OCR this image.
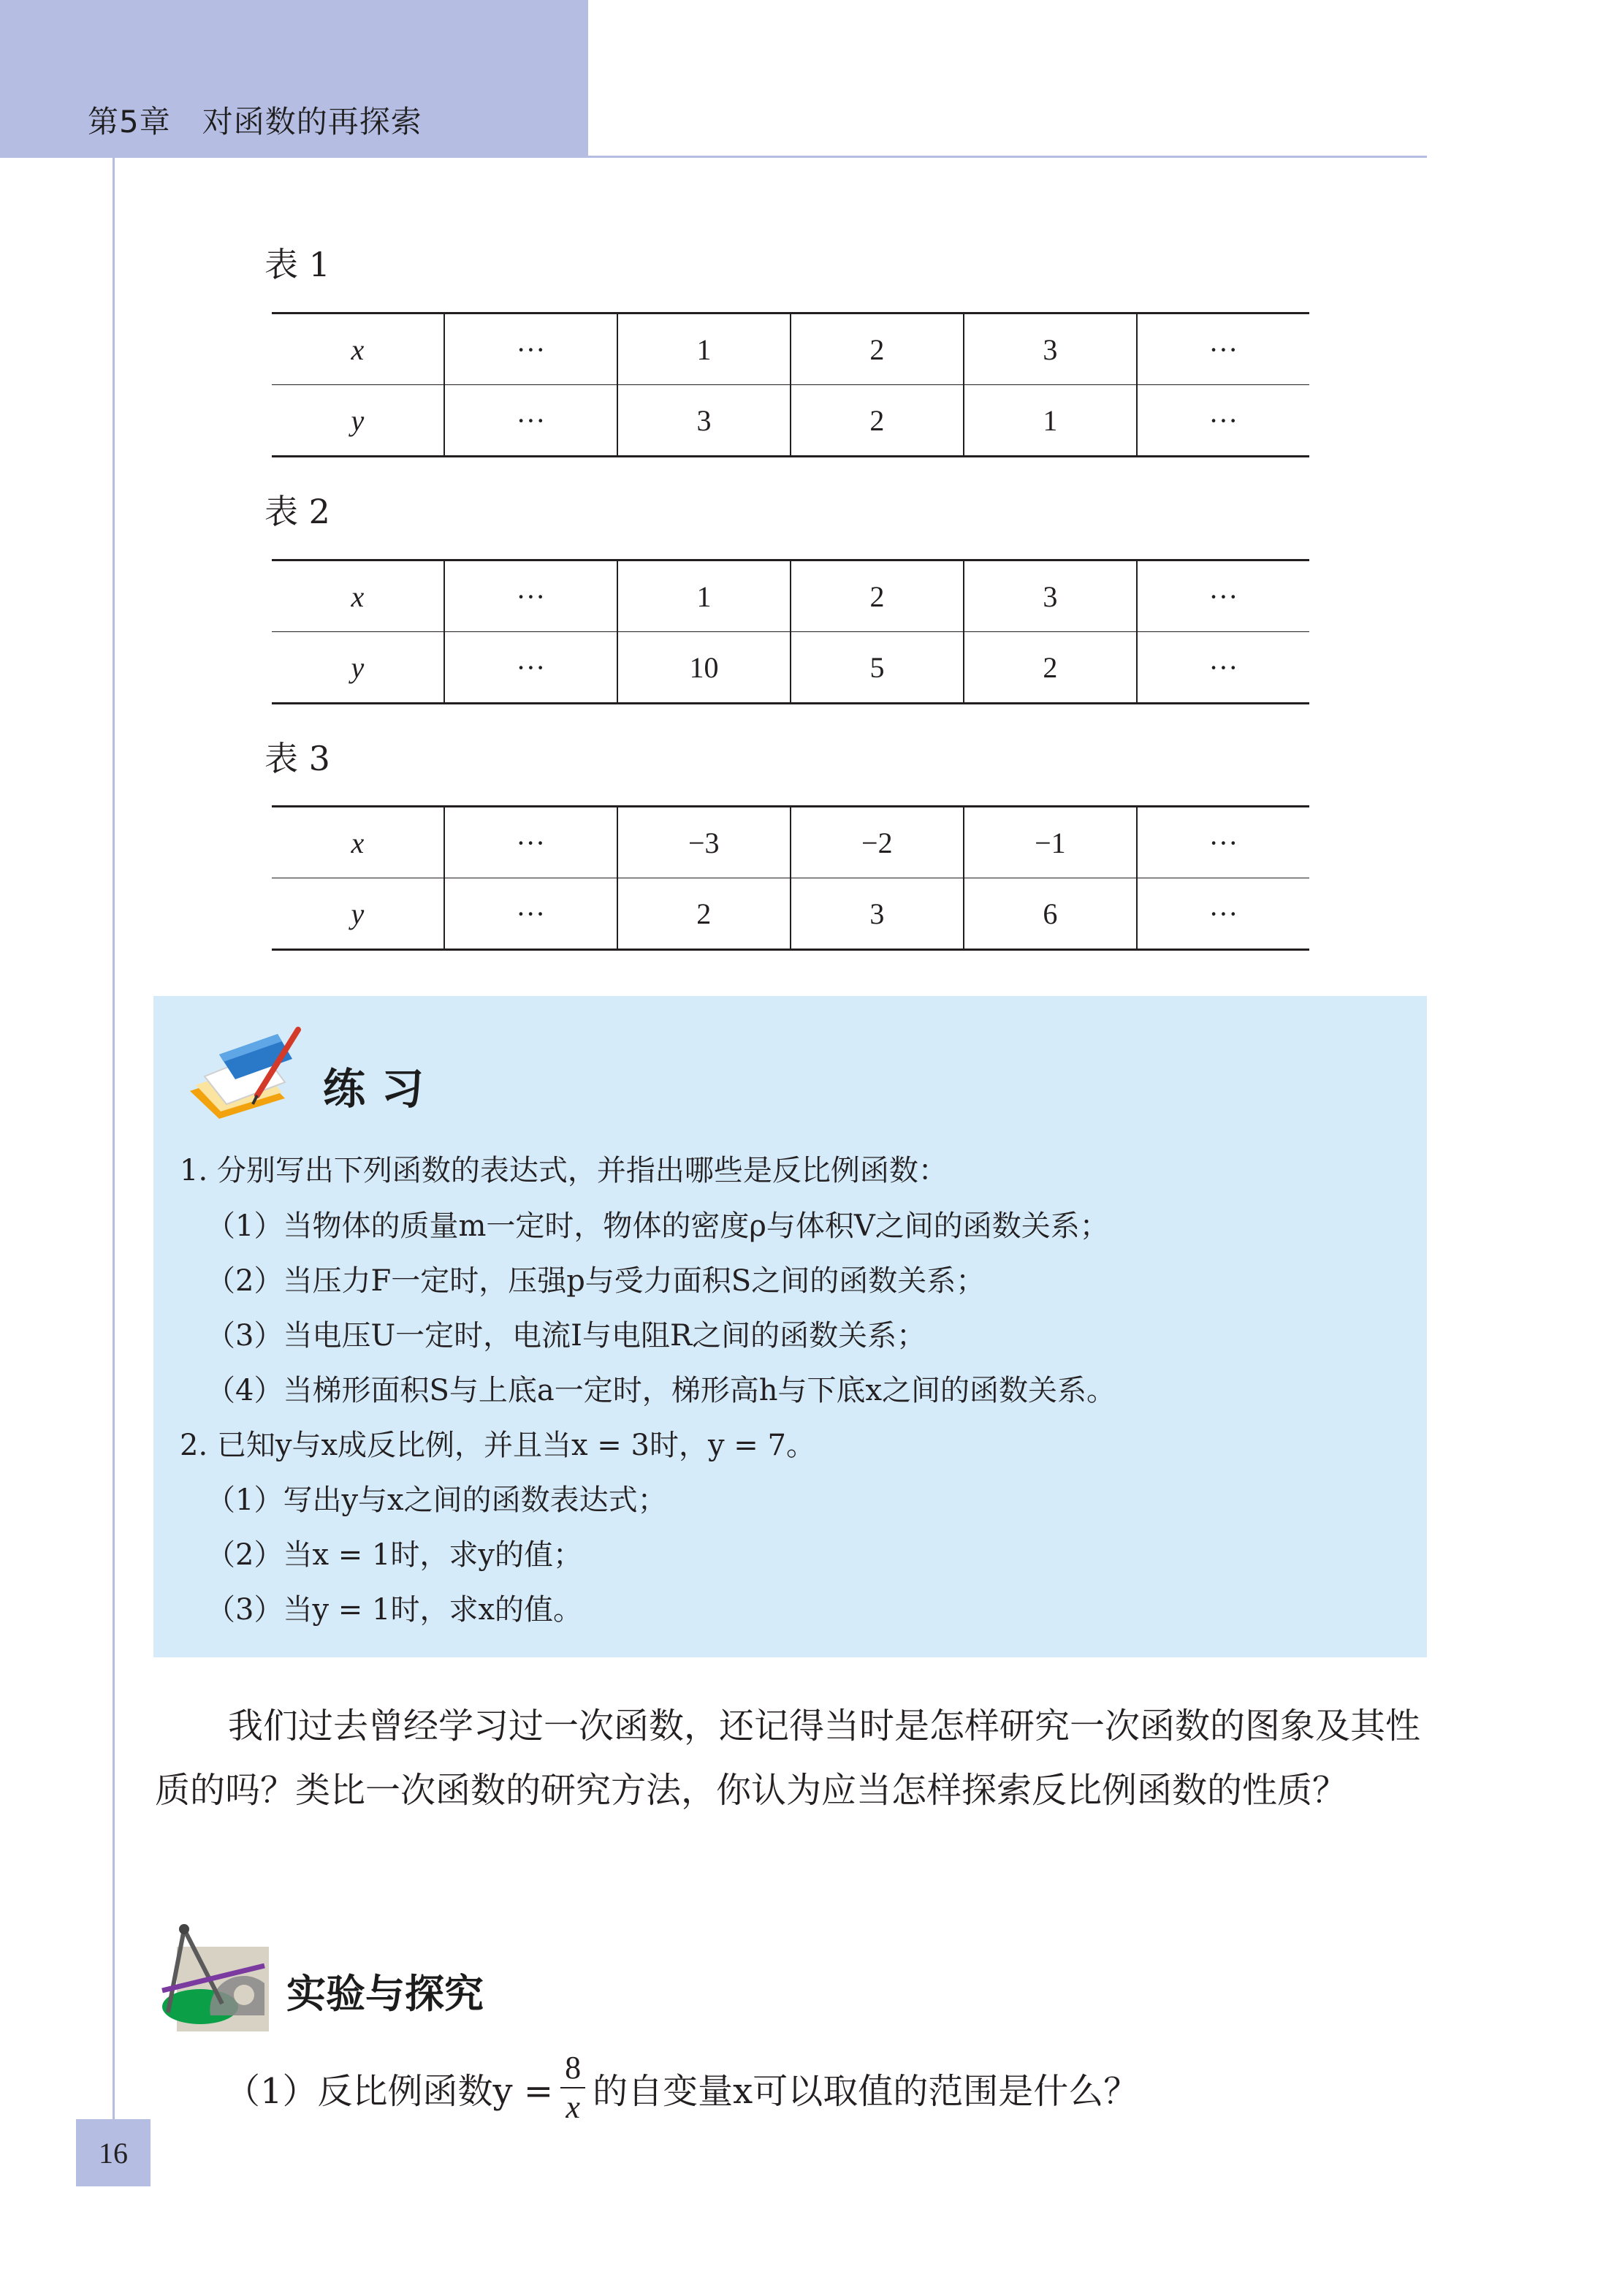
第5章　对函数的再探索
表 1
x	···	1	2	3	···
y	···	3	2	1	···
表 2
x	···	1	2	3	···
y	···	10	5	2	···
表 3
x	···	−3	−2	−1	···
y	···	2	3	6	···
练习
1. 分别写出下列函数的表达式，并指出哪些是反比例函数：
（1）当物体的质量m一定时，物体的密度ρ与体积V之间的函数关系；
（2）当压力F一定时，压强p与受力面积S之间的函数关系；
（3）当电压U一定时，电流I与电阻R之间的函数关系；
（4）当梯形面积S与上底a一定时，梯形高h与下底x之间的函数关系。
2. 已知y与x成反比例，并且当x = 3时，y = 7。
（1）写出y与x之间的函数表达式；
（2）当x = 1时，求y的值；
（3）当y = 1时，求x的值。
我们过去曾经学习过一次函数，还记得当时是怎样研究一次函数的图象及其性质的吗？类比一次函数的研究方法，你认为应当怎样探索反比例函数的性质？
实验与探究
（1）反比例函数$y = \frac{8}{x}$ 的自变量x可以取值的范围是什么？
16
